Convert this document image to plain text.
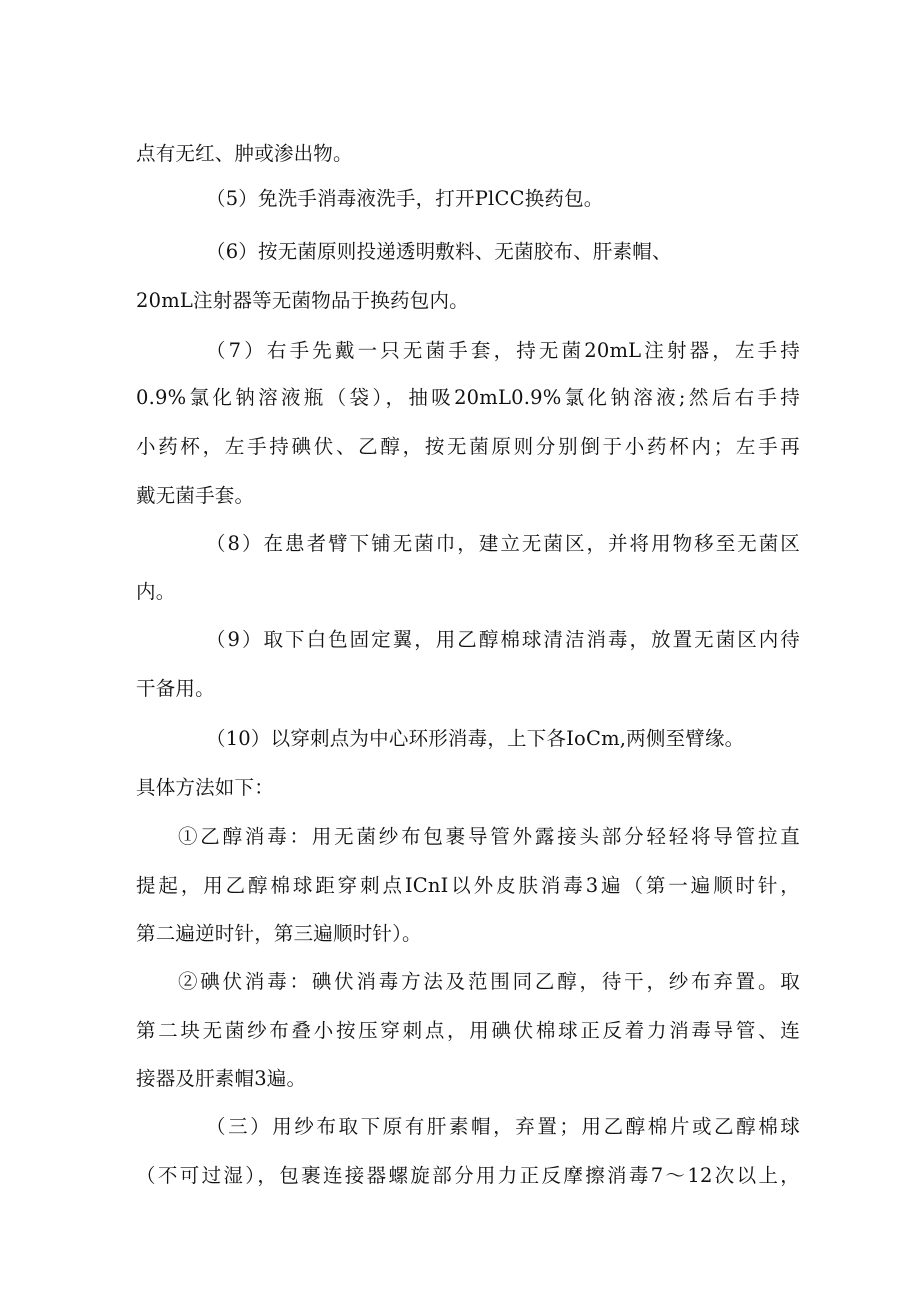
点有无红、肿或渗出物。
（5）免洗手消毒液洗手，打开PlCC换药包。
（6）按无菌原则投递透明敷料、无菌胶布、肝素帽、
20mL注射器等无菌物品于换药包内。
（7）右手先戴一只无菌手套，持无菌20mL注射器，左手持
0.9%氯化钠溶液瓶（袋），抽吸20mL0.9%氯化钠溶液;然后右手持
小药杯，左手持碘伏、乙醇，按无菌原则分别倒于小药杯内；左手再
戴无菌手套。
（8）在患者臂下铺无菌巾，建立无菌区，并将用物移至无菌区
内。
（9）取下白色固定翼，用乙醇棉球清洁消毒，放置无菌区内待
干备用。
（10）以穿刺点为中心环形消毒，上下各IoCm,两侧至臂缘。
具体方法如下：
①乙醇消毒：用无菌纱布包裹导管外露接头部分轻轻将导管拉直
提起，用乙醇棉球距穿刺点ICnI以外皮肤消毒3遍（第一遍顺时针，
第二遍逆时针，第三遍顺时针）。
②碘伏消毒：碘伏消毒方法及范围同乙醇，待干，纱布弃置。取
第二块无菌纱布叠小按压穿刺点，用碘伏棉球正反着力消毒导管、连
接器及肝素帽3遍。
（三）用纱布取下原有肝素帽，弃置；用乙醇棉片或乙醇棉球
（不可过湿），包裹连接器螺旋部分用力正反摩擦消毒7～12次以上，
